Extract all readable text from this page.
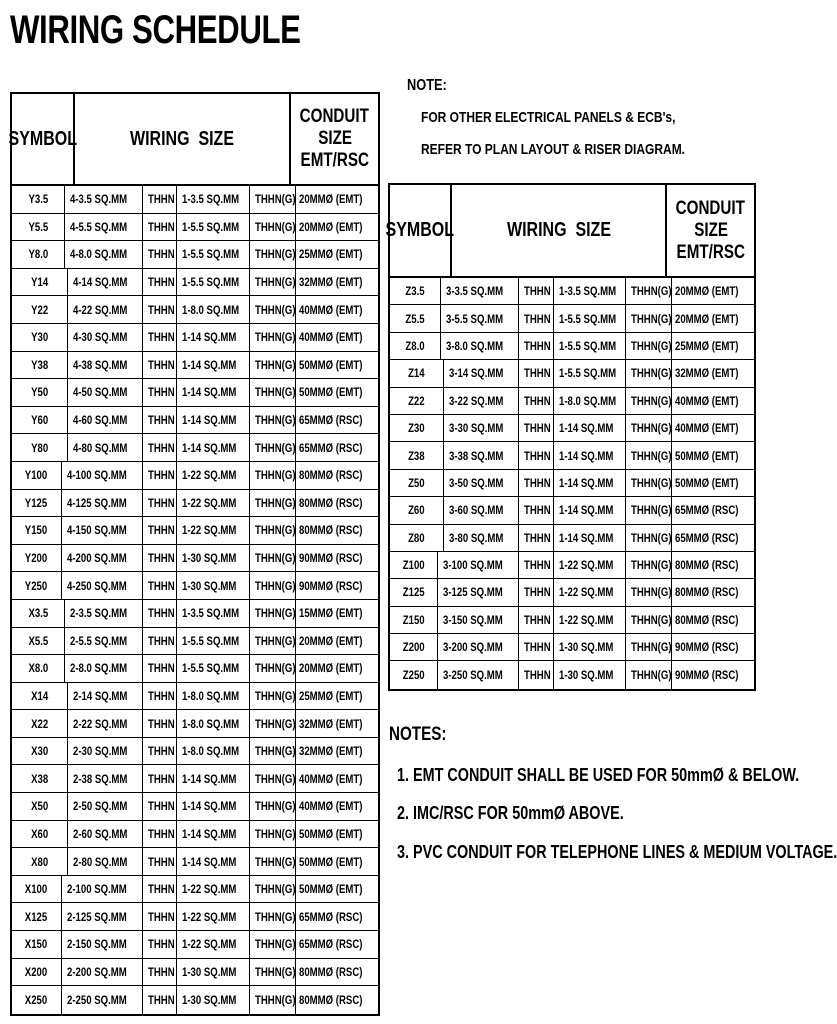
WIRING SCHEDULE
NOTE:
FOR OTHER ELECTRICAL PANELS & ECB's,
REFER TO PLAN LAYOUT & RISER DIAGRAM.
SYMBOL	WIRING  SIZE
CONDUIT
SIZE
EMT/RSC
Y3.5 4-3.5 SQ.MM THHN 1-3.5 SQ.MM THHN(G) 20MMØ (EMT)
Y5.5 4-5.5 SQ.MM THHN 1-5.5 SQ.MM THHN(G) 20MMØ (EMT)
Y8.0 4-8.0 SQ.MM THHN 1-5.5 SQ.MM THHN(G) 25MMØ (EMT)
Y14 4-14 SQ.MM THHN 1-5.5 SQ.MM THHN(G) 32MMØ (EMT)
Y22 4-22 SQ.MM THHN 1-8.0 SQ.MM THHN(G) 40MMØ (EMT)
Y30 4-30 SQ.MM THHN 1-14 SQ.MM THHN(G) 40MMØ (EMT)
Y38 4-38 SQ.MM THHN 1-14 SQ.MM THHN(G) 50MMØ (EMT)
Y50 4-50 SQ.MM THHN 1-14 SQ.MM THHN(G) 50MMØ (EMT)
Y60 4-60 SQ.MM THHN 1-14 SQ.MM THHN(G) 65MMØ (RSC)
Y80 4-80 SQ.MM THHN 1-14 SQ.MM THHN(G) 65MMØ (RSC)
Y100 4-100 SQ.MM THHN 1-22 SQ.MM THHN(G) 80MMØ (RSC)
Y125 4-125 SQ.MM THHN 1-22 SQ.MM THHN(G) 80MMØ (RSC)
Y150 4-150 SQ.MM THHN 1-22 SQ.MM THHN(G) 80MMØ (RSC)
Y200 4-200 SQ.MM THHN 1-30 SQ.MM THHN(G) 90MMØ (RSC)
Y250 4-250 SQ.MM THHN 1-30 SQ.MM THHN(G) 90MMØ (RSC)
X3.5 2-3.5 SQ.MM THHN 1-3.5 SQ.MM THHN(G) 15MMØ (EMT)
X5.5 2-5.5 SQ.MM THHN 1-5.5 SQ.MM THHN(G) 20MMØ (EMT)
X8.0 2-8.0 SQ.MM THHN 1-5.5 SQ.MM THHN(G) 20MMØ (EMT)
X14 2-14 SQ.MM THHN 1-8.0 SQ.MM THHN(G) 25MMØ (EMT)
X22 2-22 SQ.MM THHN 1-8.0 SQ.MM THHN(G) 32MMØ (EMT)
X30 2-30 SQ.MM THHN 1-8.0 SQ.MM THHN(G) 32MMØ (EMT)
X38 2-38 SQ.MM THHN 1-14 SQ.MM THHN(G) 40MMØ (EMT)
X50 2-50 SQ.MM THHN 1-14 SQ.MM THHN(G) 40MMØ (EMT)
X60 2-60 SQ.MM THHN 1-14 SQ.MM THHN(G) 50MMØ (EMT)
X80 2-80 SQ.MM THHN 1-14 SQ.MM THHN(G) 50MMØ (EMT)
X100 2-100 SQ.MM THHN 1-22 SQ.MM THHN(G) 50MMØ (EMT)
X125 2-125 SQ.MM THHN 1-22 SQ.MM THHN(G) 65MMØ (RSC)
X150 2-150 SQ.MM THHN 1-22 SQ.MM THHN(G) 65MMØ (RSC)
X200 2-200 SQ.MM THHN 1-30 SQ.MM THHN(G) 80MMØ (RSC)
X250 2-250 SQ.MM THHN 1-30 SQ.MM THHN(G) 80MMØ (RSC)
SYMBOL	WIRING  SIZE
CONDUIT
SIZE
EMT/RSC
Z3.5 3-3.5 SQ.MM THHN 1-3.5 SQ.MM THHN(G) 20MMØ (EMT)
Z5.5 3-5.5 SQ.MM THHN 1-5.5 SQ.MM THHN(G) 20MMØ (EMT)
Z8.0 3-8.0 SQ.MM THHN 1-5.5 SQ.MM THHN(G) 25MMØ (EMT)
Z14 3-14 SQ.MM THHN 1-5.5 SQ.MM THHN(G) 32MMØ (EMT)
Z22 3-22 SQ.MM THHN 1-8.0 SQ.MM THHN(G) 40MMØ (EMT)
Z30 3-30 SQ.MM THHN 1-14 SQ.MM THHN(G) 40MMØ (EMT)
Z38 3-38 SQ.MM THHN 1-14 SQ.MM THHN(G) 50MMØ (EMT)
Z50 3-50 SQ.MM THHN 1-14 SQ.MM THHN(G) 50MMØ (EMT)
Z60 3-60 SQ.MM THHN 1-14 SQ.MM THHN(G) 65MMØ (RSC)
Z80 3-80 SQ.MM THHN 1-14 SQ.MM THHN(G) 65MMØ (RSC)
Z100 3-100 SQ.MM THHN 1-22 SQ.MM THHN(G) 80MMØ (RSC)
Z125 3-125 SQ.MM THHN 1-22 SQ.MM THHN(G) 80MMØ (RSC)
Z150 3-150 SQ.MM THHN 1-22 SQ.MM THHN(G) 80MMØ (RSC)
Z200 3-200 SQ.MM THHN 1-30 SQ.MM THHN(G) 90MMØ (RSC)
Z250 3-250 SQ.MM THHN 1-30 SQ.MM THHN(G) 90MMØ (RSC)
NOTES:
1. EMT CONDUIT SHALL BE USED FOR 50mmØ & BELOW.
2. IMC/RSC FOR 50mmØ ABOVE.
3. PVC CONDUIT FOR TELEPHONE LINES & MEDIUM VOLTAGE.
